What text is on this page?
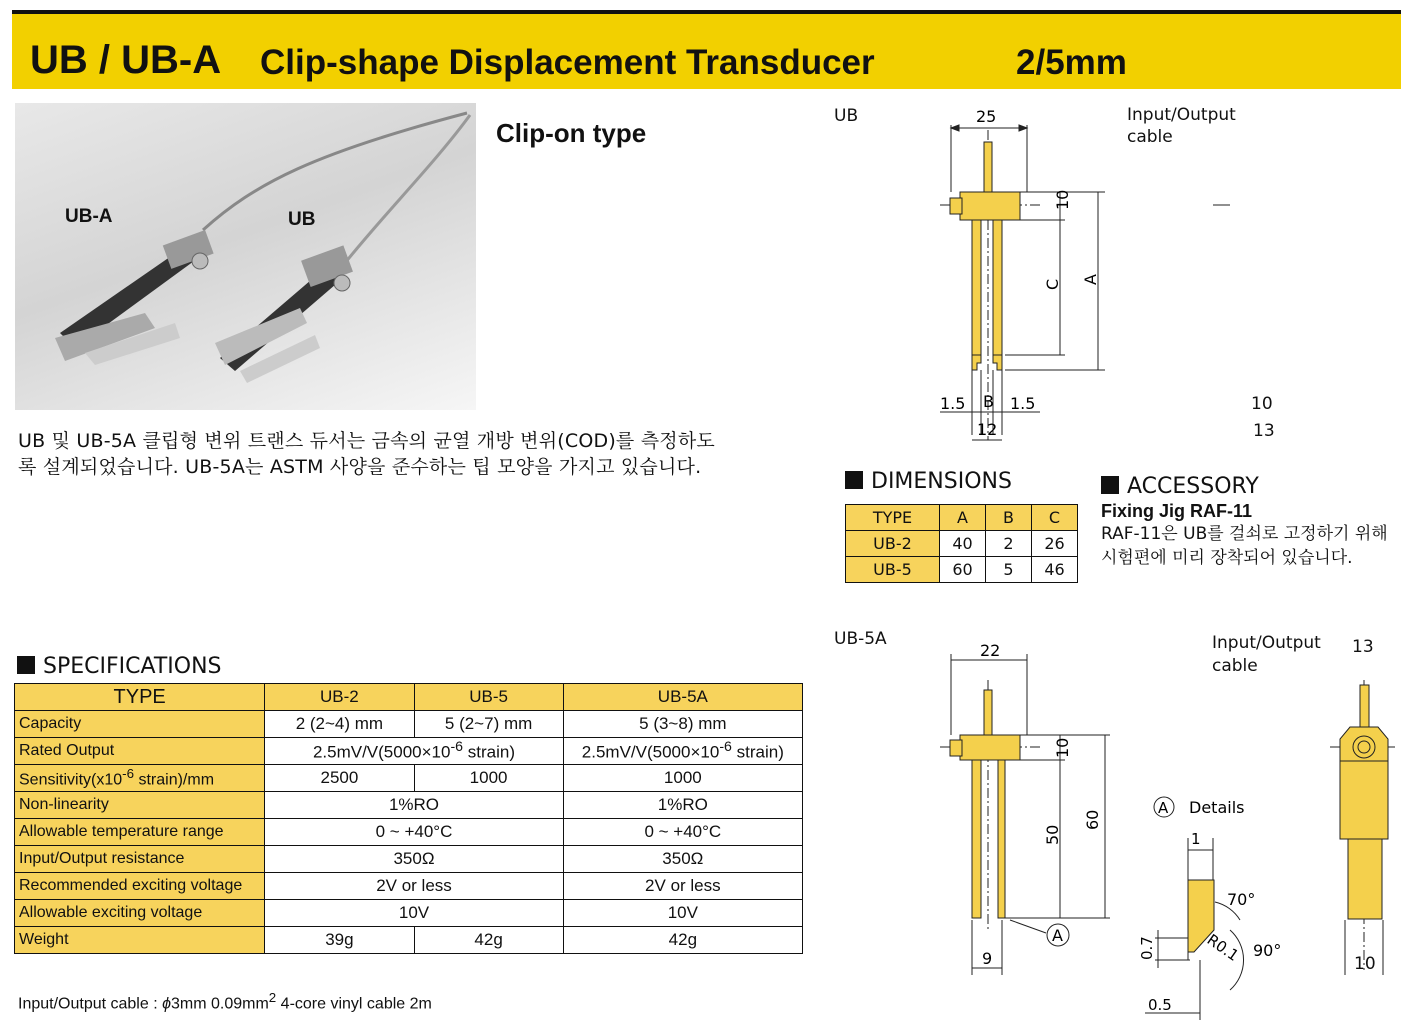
UB / UB-A Clip-shape Displacement Transducer	2/5mm
UB-A	UB
Clip-on type
UB 및 UB-5A 클립형 변위 트랜스 듀서는 금속의 균열 개방 변위(COD)를 측정하도록 설계되었습니다. UB-5A는 ASTM 사양을 준수하는 팁 모양을 가지고 있습니다.
SPECIFICATIONS
TYPE	UB-2	UB-5	UB-5A
Capacity	2 (2~4) mm	5 (2~7) mm	5 (3~8) mm
Rated Output	$2.5mV/V(5000\times 10^{-6}$ strain)		$2.5mV/V(5000\times 10^{-6}$ strain)
$Sensitivity(x10^{-6}$ strain)/mm	2500	1000	1000
Non-linearity	1%RO		1%RO
Allowable temperature range	0 ~ +40°C		0 ~ +40°C
Input/Output resistance	350Ω		350Ω
Recommended exciting voltage	2V or less		2V or less
Allowable exciting voltage	10V		10V
Weight	39g	42g	42g
Input/Output cable : ϕ3mm $0.09mm^2$ 4-core vinyl cable 2m
DIMENSIONS
TYPE	A	B	C
UB-2	40	2	26
UB-5	60	5	46
ACCESSORY
Fixing Jig RAF-11
RAF-11은 UB를 걸쇠로 고정하기 위해 시험편에 미리 장착되어 있습니다.
UB	25
10
C A
1.5 B 1.5
12
Input/Output
cable
10
13
UB-5A
A
22
10
50
60
9
A Details
1
70°
90°
R0.1
0.7
0.5
Input/Output
cable
13
10
